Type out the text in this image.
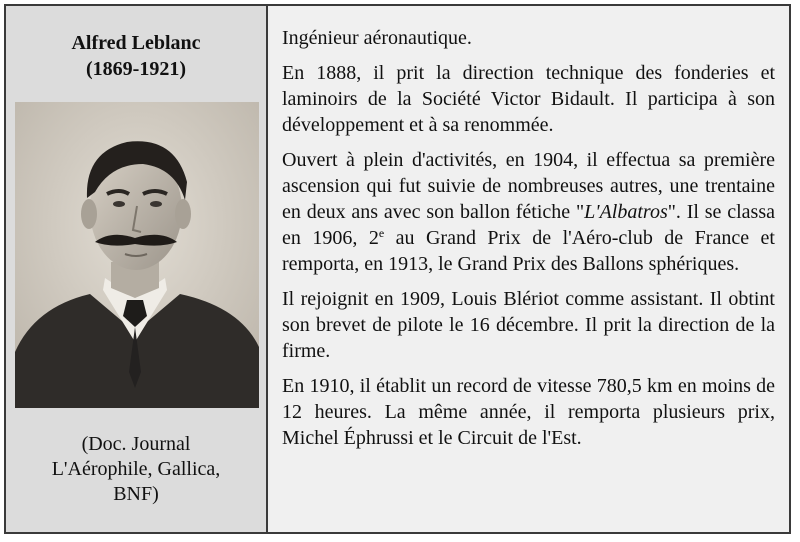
Alfred Leblanc
(1869-1921)
(Doc. Journal
L'Aérophile, Gallica,
BNF)

Ingénieur aéronautique.

En 1888, il prit la direction technique des fonderies et laminoirs de la Société Victor Bidault. Il participa à son développement et à sa renommée.

Ouvert à plein d'activités, en 1904, il effectua sa première ascension qui fut suivie de nombreuses autres, une trentaine en deux ans avec son ballon fétiche "L'Albatros". Il se classa en 1906, 2e au Grand Prix de l'Aéro-club de France et remporta, en 1913, le Grand Prix des Ballons sphériques.

Il rejoignit en 1909, Louis Blériot comme assistant. Il obtint son brevet de pilote le 16 décembre. Il prit la direction de la firme.

En 1910, il établit un record de vitesse 780,5 km en moins de 12 heures. La même année, il remporta plusieurs prix, Michel Éphrussi et le Circuit de l'Est.
